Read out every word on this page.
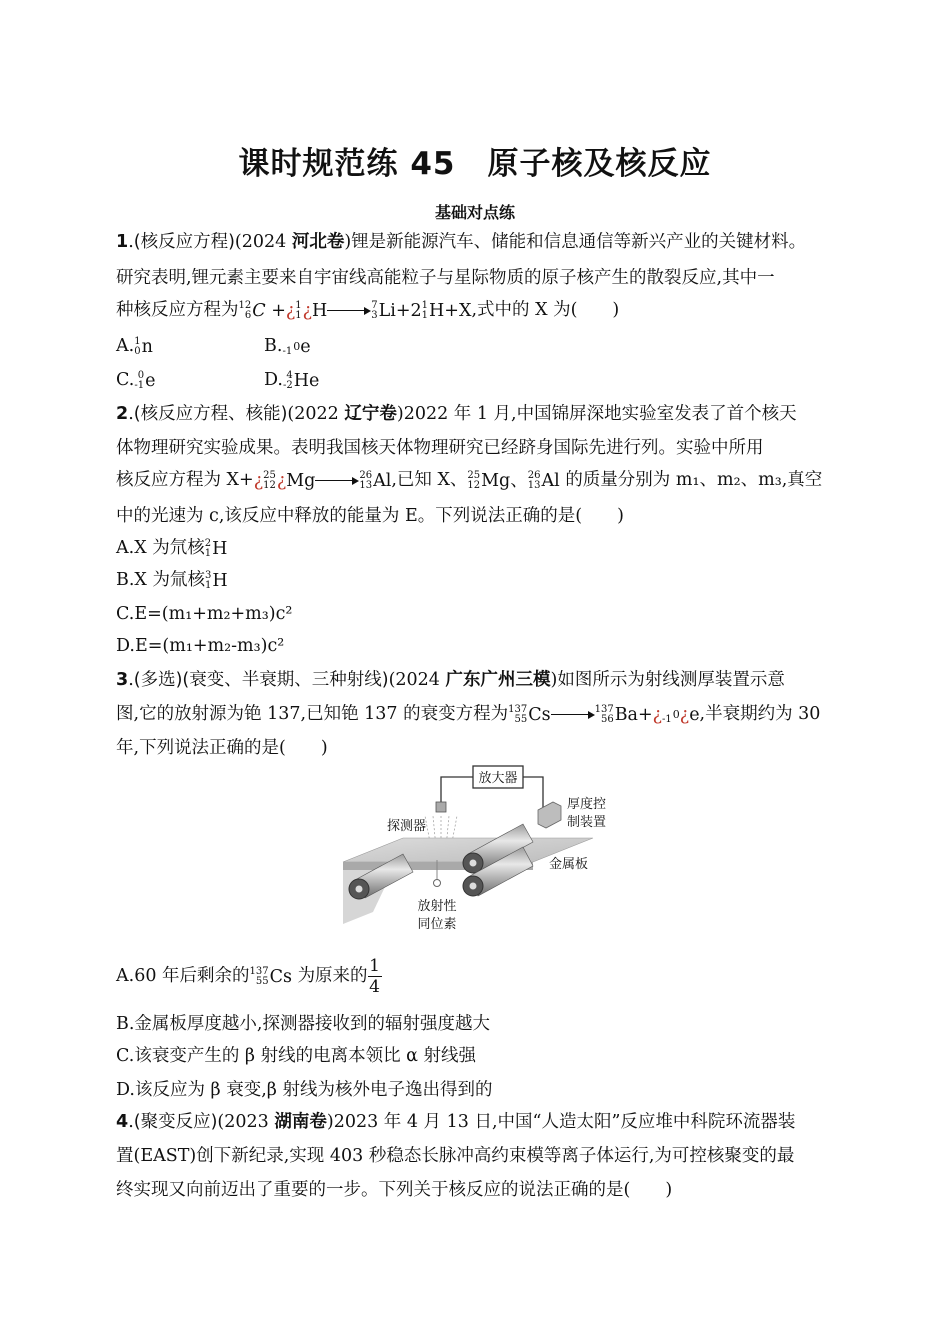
课时规范练 45　原子核及核反应
基础对点练
1.(核反应方程)(2024 河北卷)锂是新能源汽车、储能和信息通信等新兴产业的关键材料。
研究表明,锂元素主要来自宇宙线高能粒子与星际物质的原子核产生的散裂反应,其中一
种核反应方程为 12
6 C + ¿ 1
1 ¿ H	7
3 Li+2 1
1 H+X,式中的 X 为(　　)
A. 1
0 n	B.
-1 0 e
C. 0
-1 e	D. 4
-2 He
2.(核反应方程、核能)(2022 辽宁卷)2022 年 1 月,中国锦屏深地实验室发表了首个核天
体物理研究实验成果。表明我国核天体物理研究已经跻身国际先进行列。实验中所用
核反应方程为 X+ ¿ 25
12 ¿ Mg	26
13 Al,已知 X、 25
12 Mg、 26
13 Al 的质量分别为 m₁、m₂、m₃,真空
中的光速为 c,该反应中释放的能量为 E。下列说法正确的是(　　)
A.X 为氘核 2
1 H
B.X 为氚核 3
1 H
C.E=(m₁+m₂+m₃)c²
D.E=(m₁+m₂-m₃)c²
3.(多选)(衰变、半衰期、三种射线)(2024 广东广州三模)如图所示为射线测厚装置示意
图,它的放射源为铯 137,已知铯 137 的衰变方程为 137
55 Cs	137
56 Ba+ ¿
-1 0 ¿ e,半衰期约为 30
年,下列说法正确的是(　　)
放大器
厚度控
制装置
探测器
金属板
放射性
同位素
A.60 年后剩余的 137
55 Cs 为原来的 $\frac{1}{4}$
B.金属板厚度越小,探测器接收到的辐射强度越大
C.该衰变产生的 β 射线的电离本领比 α 射线强
D.该反应为 β 衰变,β 射线为核外电子逸出得到的
4.(聚变反应)(2023 湖南卷)2023 年 4 月 13 日,中国“人造太阳”反应堆中科院环流器装
置(EAST)创下新纪录,实现 403 秒稳态长脉冲高约束模等离子体运行,为可控核聚变的最
终实现又向前迈出了重要的一步。下列关于核反应的说法正确的是(　　)
